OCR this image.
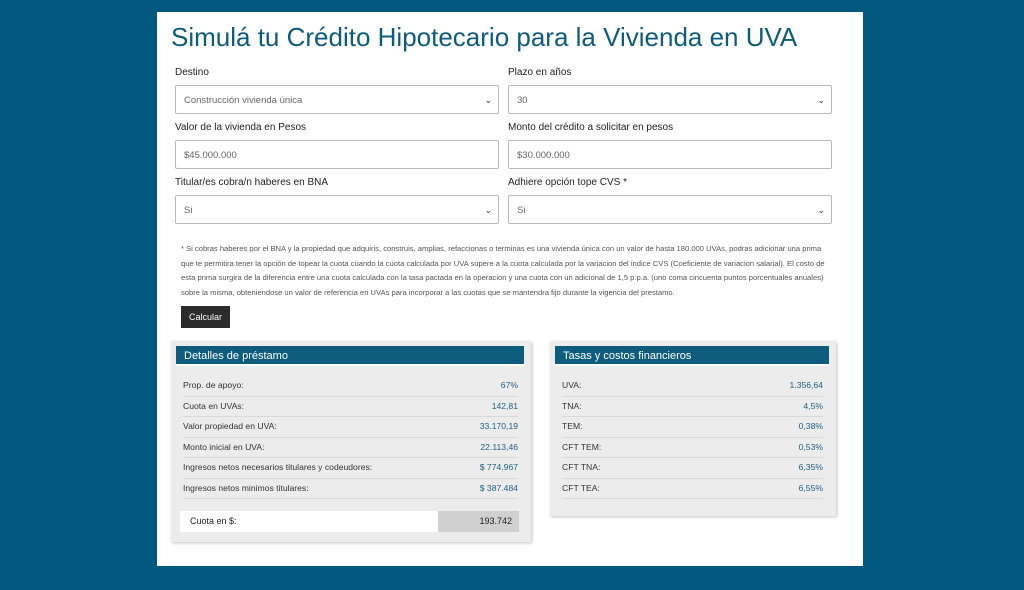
Simulá tu Crédito Hipotecario para la Vivienda en UVA
Destino
Construcción vivienda única	⌄
Plazo en años
30	⌄
Valor de la vivienda en Pesos
$45.000.000
Monto del crédito a solicitar en pesos
$30.000.000
Titular/es cobra/n haberes en BNA
Si	⌄
Adhiere opción tope CVS *
Si	⌄

* Si cobras haberes por el BNA y la propiedad que adquiris, construis, amplias, refaccionas o terminas es una vivienda única con un valor de hasta 180.000 UVAs, podras adicionar una prima que te permitira tener la opción de topear la cuota cuando la cuota calculada por UVA supere a la cuota calculada por la variacion del indice CVS (Coeficiente de variacion salarial). El costo de esta prima surgira de la diferencia entre una cuota calculada con la tasa pactada en la operacion y una cuota con un adicional de 1,5 p.p.a. (uno coma cincuenta puntos porcentuales anuales) sobre la misma, obteniendose un valor de referencia en UVAs para incorporar a las cuotas que se mantendra fijo durante la vigencia del prestamo.

Calcular
Detalles de préstamo
Prop. de apoyo:	67%
Cuota en UVAs:	142,81
Valor propiedad en UVA:	33.170,19
Monto inicial en UVA:	22.113,46
Ingresos netos necesarios titulares y codeudores:	$ 774.967
Ingresos netos minimos titulares:	$ 387.484
Cuota en $:	193.742
Tasas y costos financieros
UVA:	1.356,64
TNA:	4,5%
TEM:	0,38%
CFT TEM:	0,53%
CFT TNA:	6,35%
CFT TEA:	6,55%
